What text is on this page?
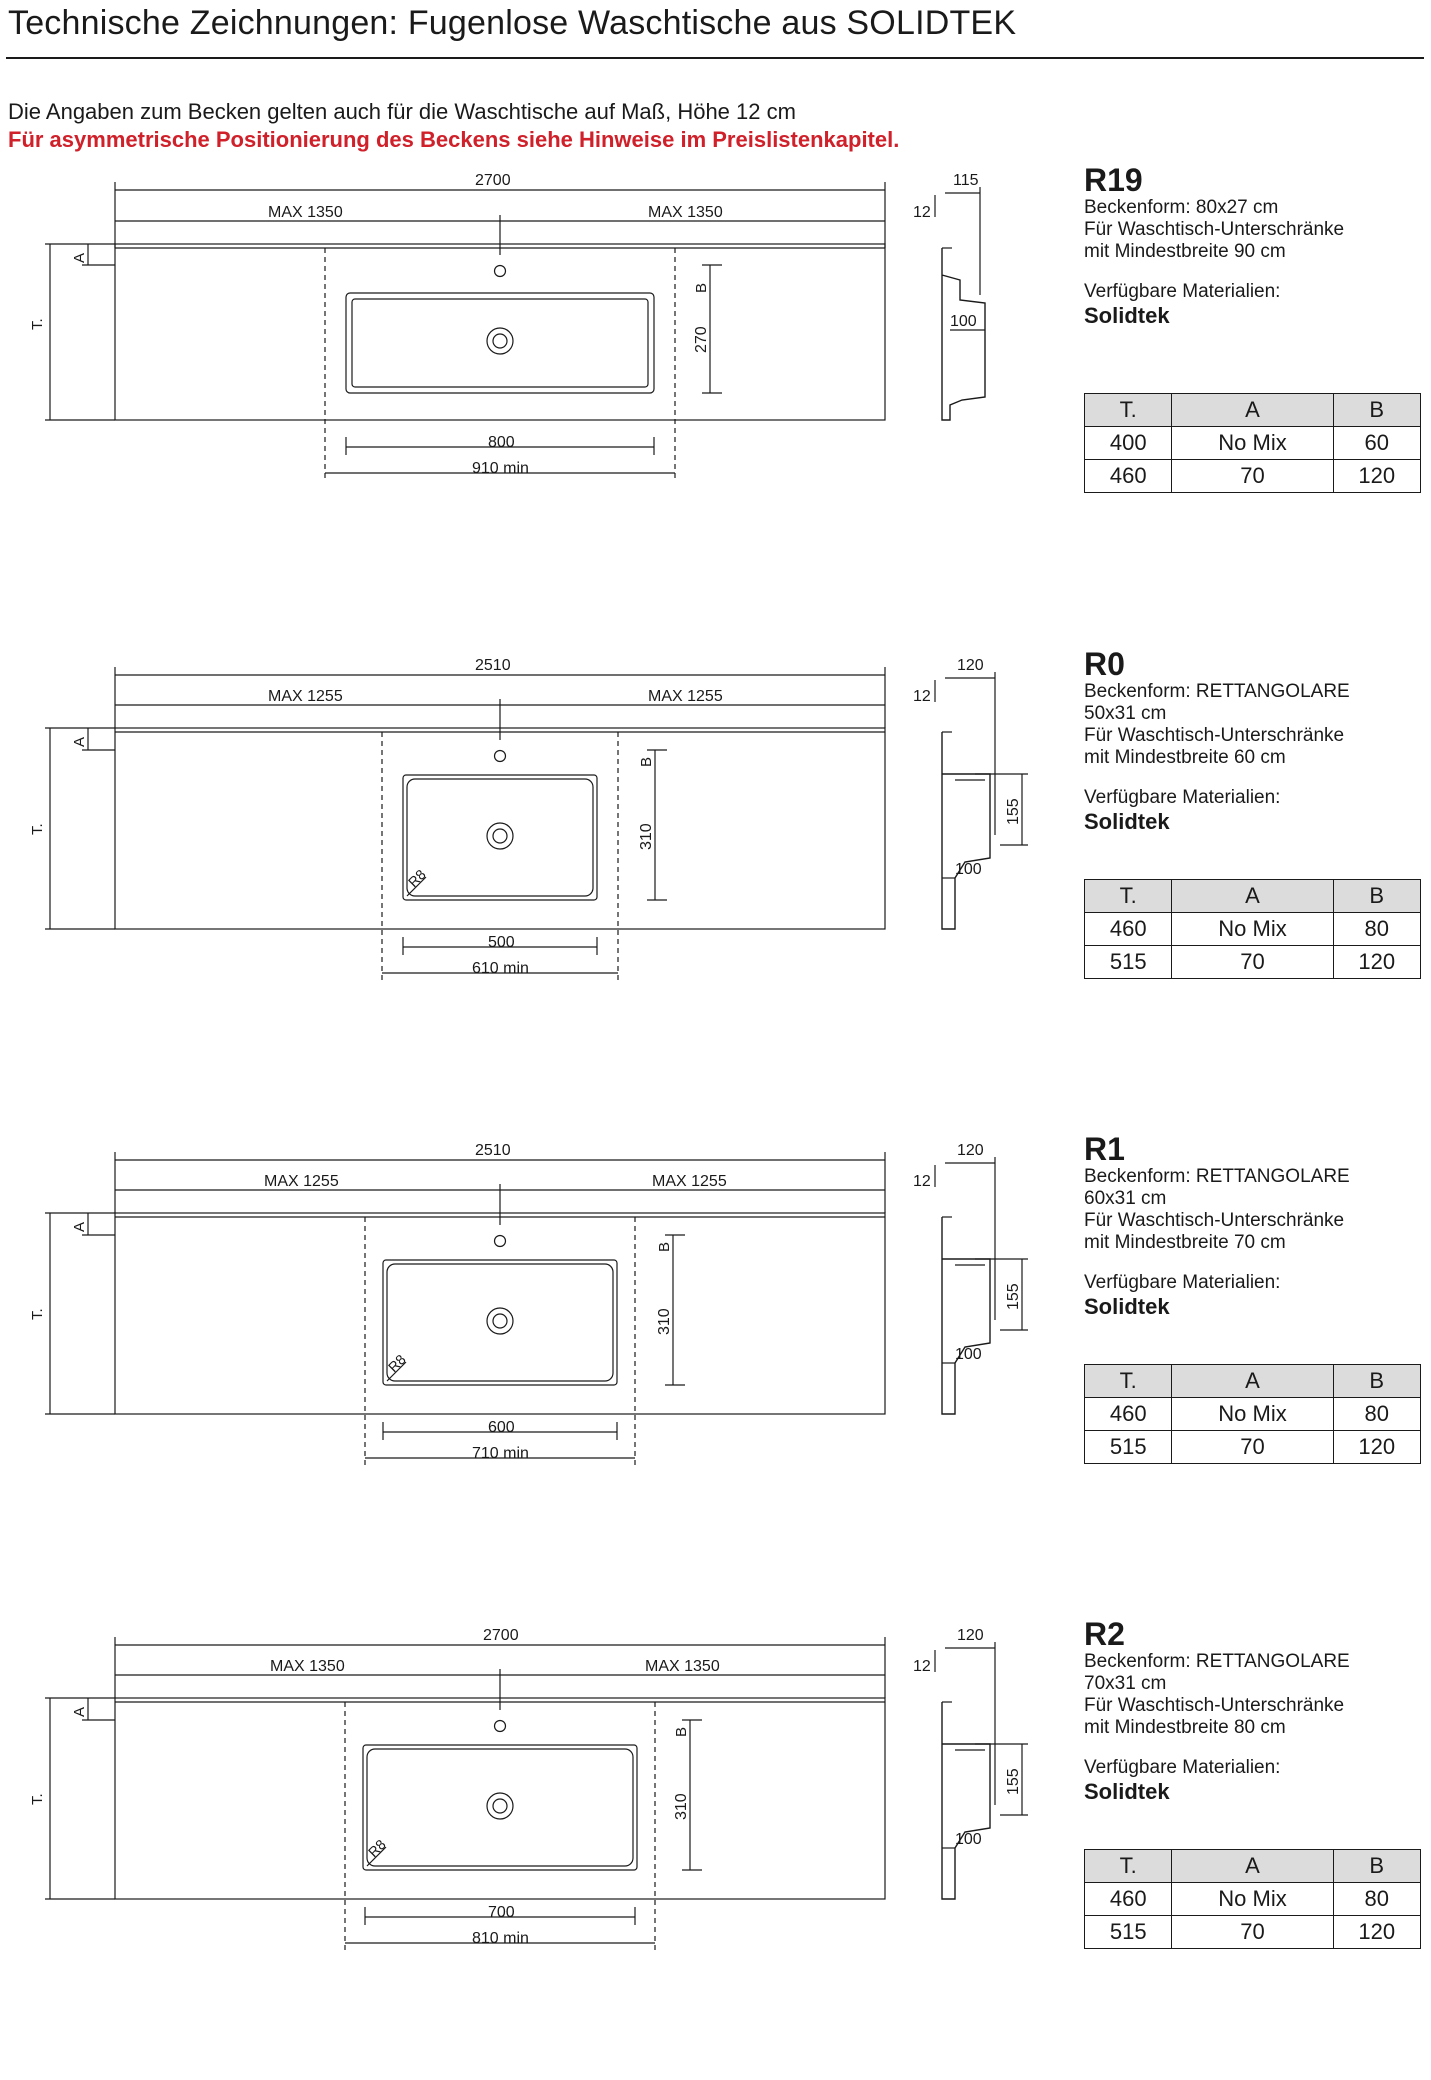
Technische Zeichnungen: Fugenlose Waschtische aus SOLIDTEK
Die Angaben zum Becken gelten auch für die Waschtische auf Maß, Höhe 12 cm
Für asymmetrische Positionierung des Beckens siehe Hinweise im Preislistenkapitel.
2700
MAX 1350	MAX 1350
T.
A
B
270
800
910 min
12
115
100
R19
Beckenform: 80x27 cm
Für Waschtisch-Unterschränke
mit Mindestbreite 90 cm
Verfügbare Materialien:
Solidtek
T.	A	B
400	No Mix	60
460	70	120
2510
MAX 1255	MAX 1255
T.
A
B
310
R8
500
610 min
12
120
155
100
R0
Beckenform: RETTANGOLARE
50x31 cm
Für Waschtisch-Unterschränke
mit Mindestbreite 60 cm
Verfügbare Materialien:
Solidtek
T.	A	B
460	No Mix	80
515	70	120
2510
MAX 1255	MAX 1255
T.
A
B
310
R8
600
710 min
12
120
155
100
R1
Beckenform: RETTANGOLARE
60x31 cm
Für Waschtisch-Unterschränke
mit Mindestbreite 70 cm
Verfügbare Materialien:
Solidtek
T.	A	B
460	No Mix	80
515	70	120
2700
MAX 1350	MAX 1350
T.
A
B
310
R8
700
810 min
12
120
155
100
R2
Beckenform: RETTANGOLARE
70x31 cm
Für Waschtisch-Unterschränke
mit Mindestbreite 80 cm
Verfügbare Materialien:
Solidtek
T.	A	B
460	No Mix	80
515	70	120
